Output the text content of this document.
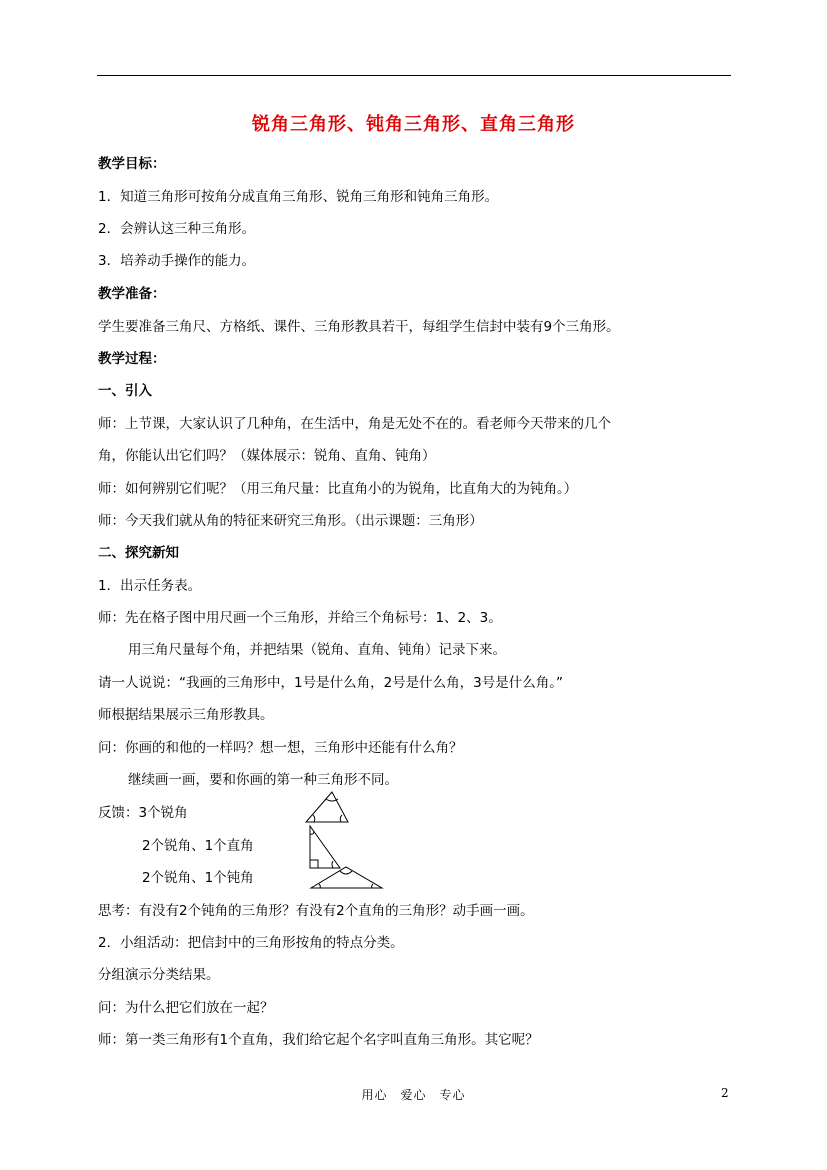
锐角三角形、钝角三角形、直角三角形
教学目标：
1．知道三角形可按角分成直角三角形、锐角三角形和钝角三角形。
2．会辨认这三种三角形。
3．培养动手操作的能力。
教学准备：
学生要准备三角尺、方格纸、课件、三角形教具若干，每组学生信封中装有9个三角形。
教学过程：
一、引入
师：上节课，大家认识了几种角，在生活中，角是无处不在的。看老师今天带来的几个
角，你能认出它们吗？（媒体展示：锐角、直角、钝角）
师：如何辨别它们呢？（用三角尺量：比直角小的为锐角，比直角大的为钝角。）
师：今天我们就从角的特征来研究三角形。（出示课题：三角形）
二、探究新知
1．出示任务表。
师：先在格子图中用尺画一个三角形，并给三个角标号：1、2、3。
用三角尺量每个角，并把结果（锐角、直角、钝角）记录下来。
请一人说说：“我画的三角形中，1号是什么角，2号是什么角，3号是什么角。”
师根据结果展示三角形教具。
问：你画的和他的一样吗？想一想，三角形中还能有什么角？
继续画一画，要和你画的第一种三角形不同。
反馈：3个锐角
2个锐角、1个直角
2个锐角、1个钝角
思考：有没有2个钝角的三角形？有没有2个直角的三角形？动手画一画。
2．小组活动：把信封中的三角形按角的特点分类。
分组演示分类结果。
问：为什么把它们放在一起？
师：第一类三角形有1个直角，我们给它起个名字叫直角三角形。其它呢？
用心　爱心　专心	2
